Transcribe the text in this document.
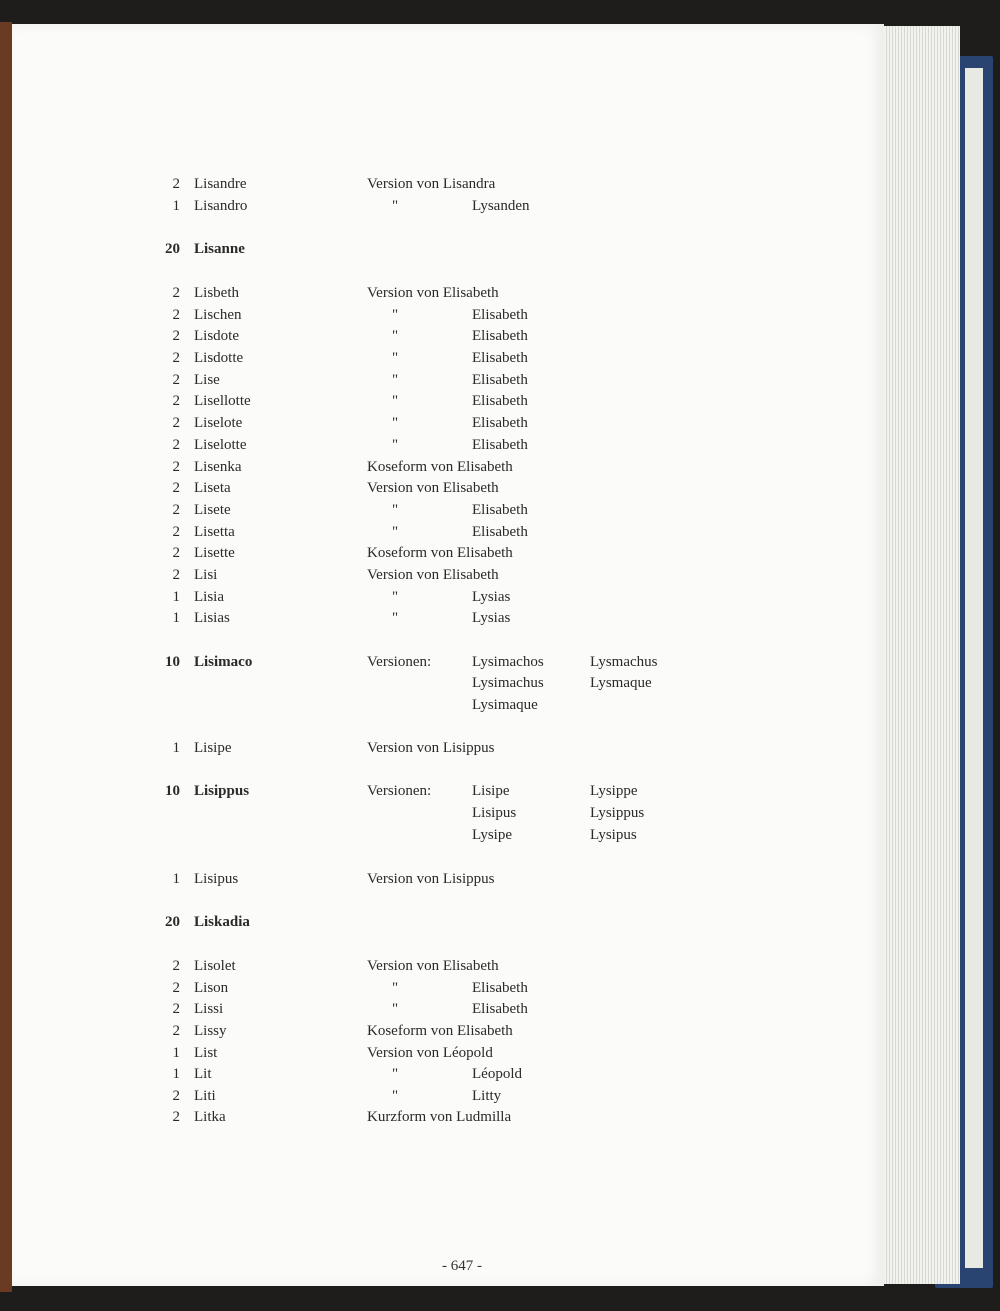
2 Lisandre	Version von Lisandra
1 Lisandro	"	Lysanden
20 Lisanne
2 Lisbeth	Version von Elisabeth
2 Lischen	"	Elisabeth
2 Lisdote	"	Elisabeth
2 Lisdotte	"	Elisabeth
2 Lise	"	Elisabeth
2 Lisellotte	"	Elisabeth
2 Liselote	"	Elisabeth
2 Liselotte	"	Elisabeth
2 Lisenka	Koseform von Elisabeth
2 Liseta	Version von Elisabeth
2 Lisete	"	Elisabeth
2 Lisetta	"	Elisabeth
2 Lisette	Koseform von Elisabeth
2 Lisi	Version von Elisabeth
1 Lisia	"	Lysias
1 Lisias	"	Lysias
10 Lisimaco	Versionen:	Lysimachos	Lysmachus
Lysimachus	Lysmaque
Lysimaque
1 Lisipe	Version von Lisippus
10 Lisippus	Versionen:	Lisipe	Lysippe
Lisipus	Lysippus
Lysipe	Lysipus
1 Lisipus	Version von Lisippus
20 Liskadia
2 Lisolet	Version von Elisabeth
2 Lison	"	Elisabeth
2 Lissi	"	Elisabeth
2 Lissy	Koseform von Elisabeth
1 List	Version von Léopold
1 Lit	"	Léopold
2 Liti	"	Litty
2 Litka	Kurzform von Ludmilla
- 647 -
